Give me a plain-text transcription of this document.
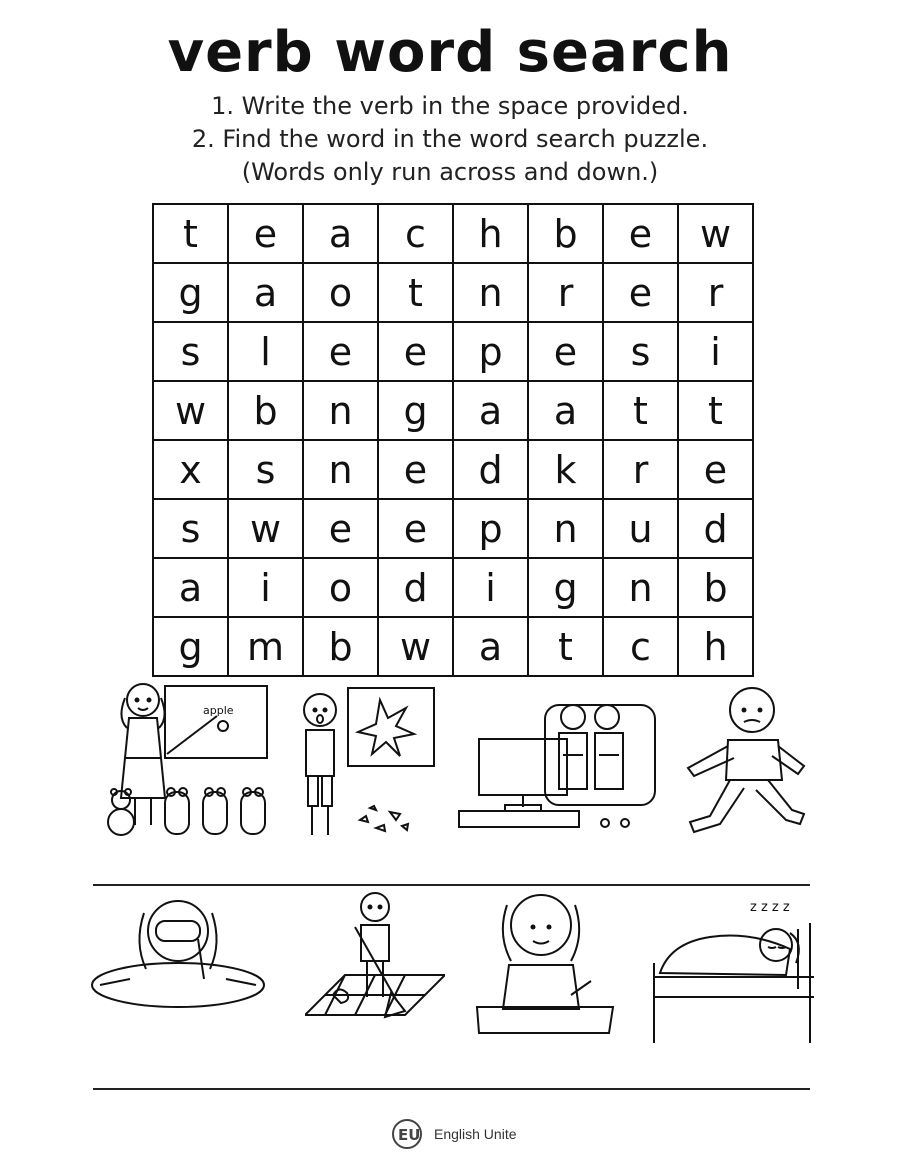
verb word search
1. Write the verb in the space provided.
2. Find the word in the word search puzzle.
(Words only run across and down.)
t	e	a	c	h	b	e	w
g	a	o	t	n	r	e	r
s	l	e	e	p	e	s	i
w	b	n	g	a	a	t	t
x	s	n	e	d	k	r	e
s	w	e	e	p	n	u	d
a	i	o	d	i	g	n	b
g	m	b	w	a	t	c	h
apple
z z z z
EU English Unite
